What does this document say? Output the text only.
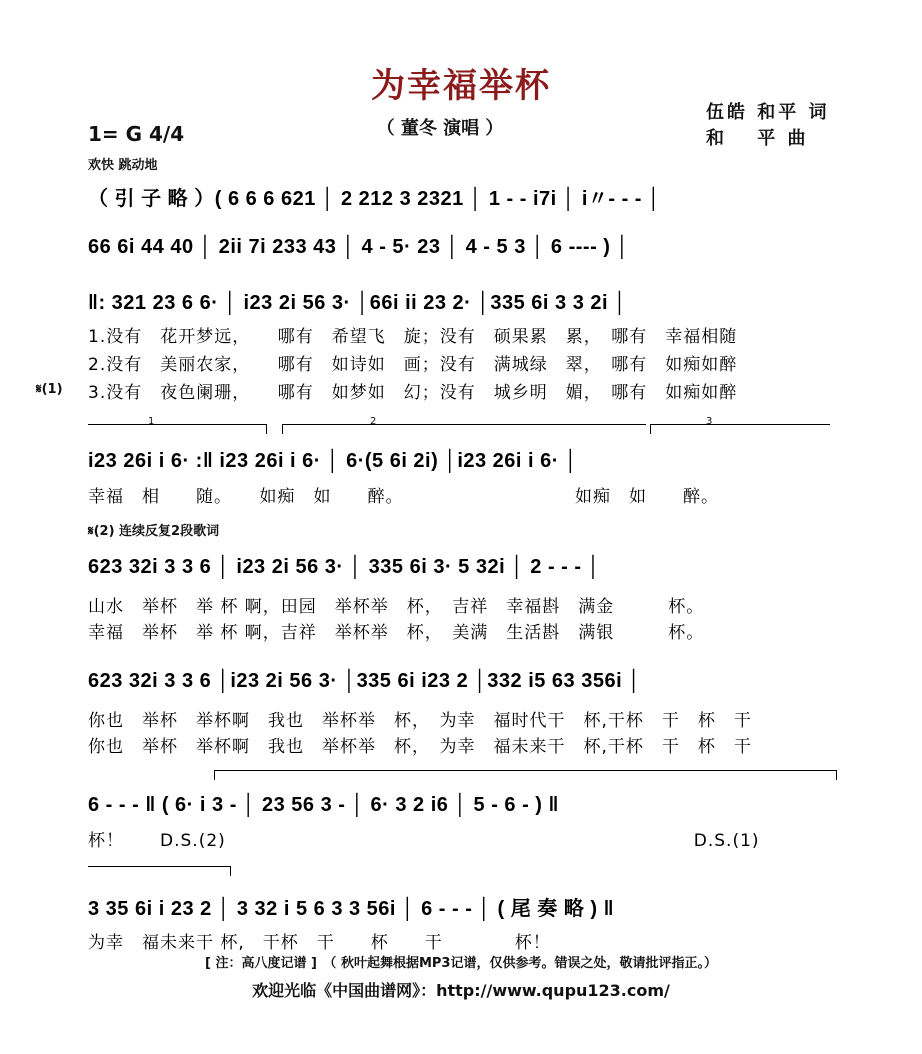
为幸福举杯
（ 董冬 演唱 ）
伍皓 和平 词
和　 平 曲
1= G 4/4
欢快 跳动地
（ 引 子 略 ）( 6 6 6 621 │ 2 212 3 2321 │ 1 - - i7i │ i〃- - - │
66 6i 44 40 │ 2ii 7i 233 43 │ 4 - 5· 23 │ 4 - 5 3 │ 6 ---- ) │
‖: 321 23 6 6· │ i23 2i 56 3· │66i ii 23 2· │335 6i 3 3 2i │
1.没有　花开梦远，　　哪有　希望飞　旋；没有　硕果累　累，　哪有　幸福相随
2.没有　美丽农家，　　哪有　如诗如　画；没有　满城绿　翠，　哪有　如痴如醉
𝄋(1) 3.没有　夜色阑珊，　　哪有　如梦如　幻；没有　城乡明　媚，　哪有　如痴如醉
1	2	3
i23 26i i 6· :‖ i23 26i i 6· │ 6·(5 6i 2i) │i23 26i i 6· │
幸福　相　　随。　　如痴　如　　醉。　　　　　　　　　　如痴　如　　醉。
𝄋(2) 连续反复2段歌词
623 32i 3 3 6 │ i23 2i 56 3· │ 335 6i 3· 5 32i │ 2 - - - │
山水　举杯　举 杯 啊，田园　举杯举　杯，　吉祥　幸福斟　满金　　　杯。
幸福　举杯　举 杯 啊，吉祥　举杯举　杯，　美满　生活斟　满银　　　杯。
623 32i 3 3 6 │i23 2i 56 3· │335 6i i23 2 │332 i5 63 356i │
你也　举杯　举杯啊　我也　举杯举　杯，　为幸　福时代干　杯,干杯　干　杯　干
你也　举杯　举杯啊　我也　举杯举　杯，　为幸　福未来干　杯,干杯　干　杯　干
6 - - - ‖ ( 6· i 3 - │ 23 56 3 - │ 6· 3 2 i6 │ 5 - 6 - ) ‖
杯！　　D.S.(2)　　　　　　　　　　　　　　　　　　　　　　　　　　D.S.(1)
3 35 6i i 23 2 │ 3 32 i 5 6 3 3 56i │ 6 - - - │ ( 尾 奏 略 ) ‖
为幸　福未来干 杯,　干杯　干　　杯　　干　　　　杯！
[ 注：高八度记谱 ]　（ 秋叶起舞根据MP3记谱，仅供参考。错误之处，敬请批评指正。）
欢迎光临《中国曲谱网》：http://www.qupu123.com/
